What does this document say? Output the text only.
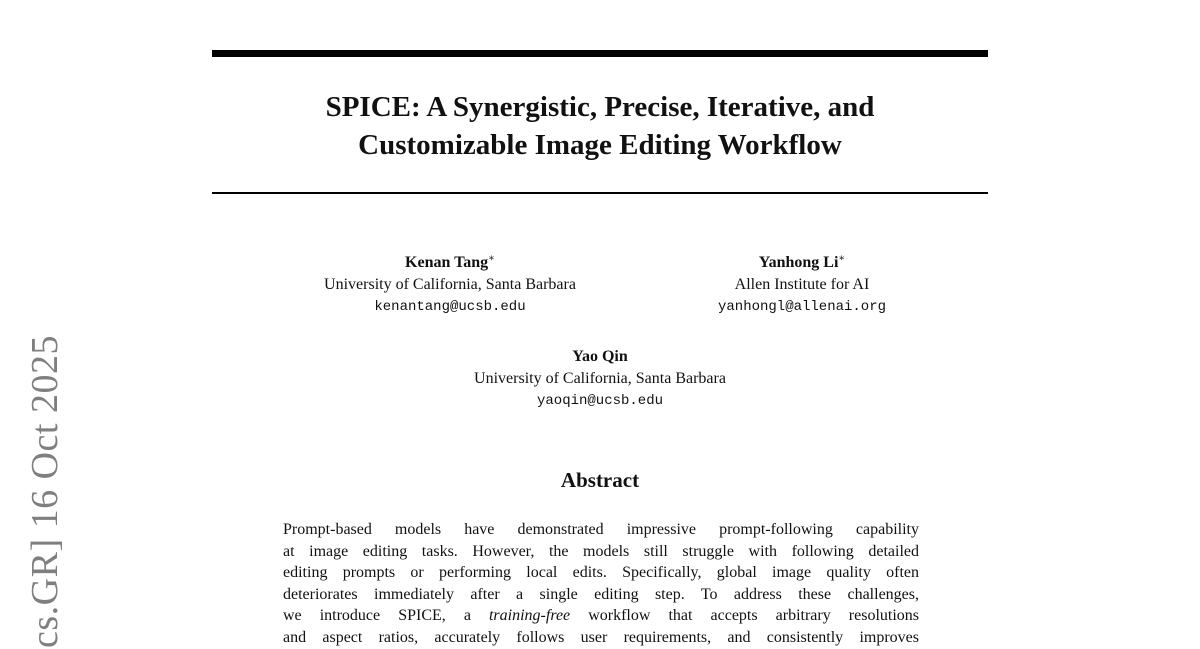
SPICE: A Synergistic, Precise, Iterative, and
Customizable Image Editing Workflow
Kenan Tang∗
University of California, Santa Barbara
kenantang@ucsb.edu
Yanhong Li∗
Allen Institute for AI
yanhongl@allenai.org
Yao Qin
University of California, Santa Barbara
yaoqin@ucsb.edu
Abstract
Prompt-based models have demonstrated impressive prompt-following capability
at image editing tasks. However, the models still struggle with following detailed
editing prompts or performing local edits. Specifically, global image quality often
deteriorates immediately after a single editing step. To address these challenges,
we introduce SPICE, a training-free workflow that accepts arbitrary resolutions
and aspect ratios, accurately follows user requirements, and consistently improves
cs.GR] 16 Oct 2025
